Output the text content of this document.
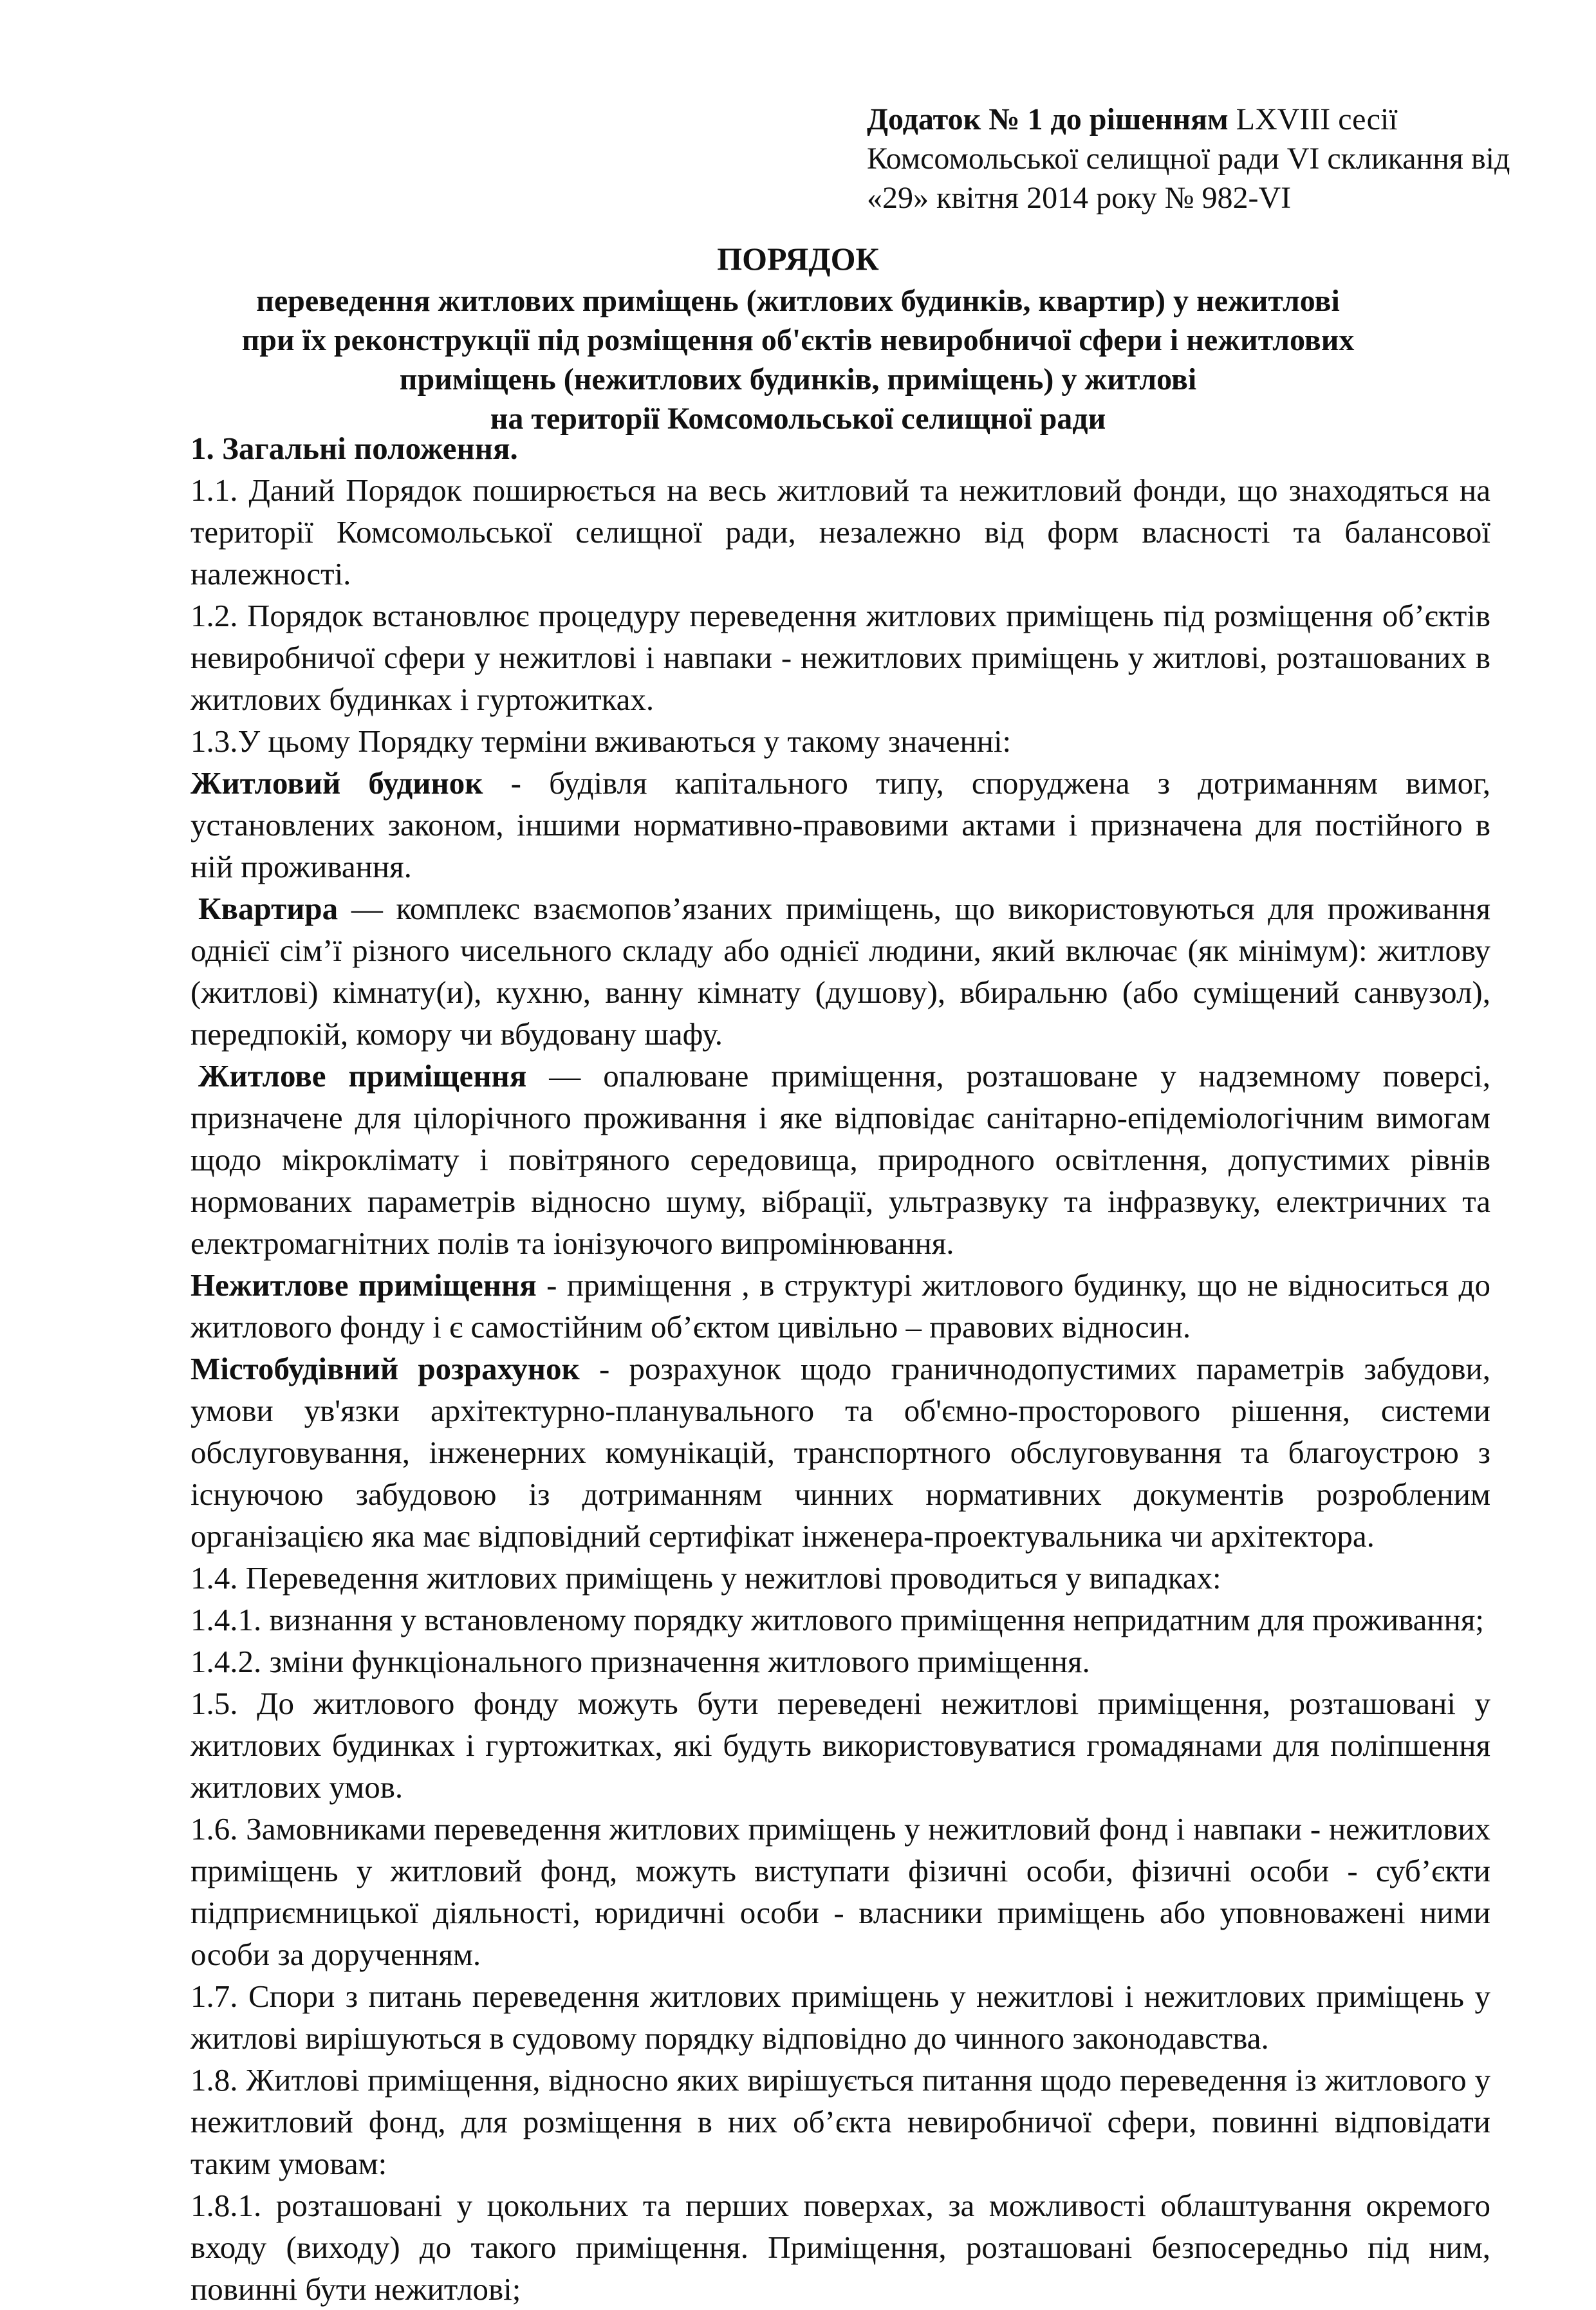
Додаток № 1 до рішенням LXVIII сесії
Комсомольської селищної ради VI скликання від
«29» квітня 2014 року № 982-VI
ПОРЯДОК
переведення житлових приміщень (житлових будинків, квартир) у нежитлові
при їх реконструкції під розміщення об'єктів невиробничої сфери і нежитлових
приміщень (нежитлових будинків, приміщень) у житлові
на території Комсомольської селищної ради

1. Загальні положення.

1.1. Даний Порядок поширюється на весь житловий та нежитловий фонди, що знаходяться на території Комсомольської селищної ради, незалежно від форм власності та балансової належності.

1.2. Порядок встановлює процедуру переведення житлових приміщень під розміщення об’єктів невиробничої сфери у нежитлові і навпаки - нежитлових приміщень у житлові, розташованих в житлових будинках і гуртожитках.

1.3.У цьому Порядку терміни вживаються у такому значенні:

Житловий будинок - будівля капітального типу, споруджена з дотриманням вимог, установлених законом, іншими нормативно-правовими актами і призначена для постійного в ній проживання.

Квартира — комплекс взаємопов’язаних приміщень, що використовуються для проживання однієї сім’ї різного чисельного складу або однієї людини, який включає (як мінімум): житлову (житлові) кімнату(и), кухню, ванну кімнату (душову), вбиральню (або суміщений санвузол), передпокій, комору чи вбудовану шафу.

Житлове приміщення — опалюване приміщення, розташоване у надземному поверсі, призначене для цілорічного проживання і яке відповідає санітарно-епідеміологічним вимогам щодо мікроклімату і повітряного середовища, природного освітлення, допустимих рівнів нормованих параметрів відносно шуму, вібрації, ультразвуку та інфразвуку, електричних та електромагнітних полів та іонізуючого випромінювання.

Нежитлове приміщення - приміщення , в структурі житлового будинку, що не відноситься до житлового фонду і є самостійним об’єктом цивільно – правових відносин.

Містобудівний розрахунок - розрахунок щодо граничнодопустимих параметрів забудови, умови ув'язки архітектурно-планувального та об'ємно-просторового рішення, системи обслуговування, інженерних комунікацій, транспортного обслуговування та благоустрою з існуючою забудовою із дотриманням чинних нормативних документів розробленим організацією яка має відповідний сертифікат інженера-проектувальника чи архітектора.

1.4. Переведення житлових приміщень у нежитлові проводиться у випадках:

1.4.1. визнання у встановленому порядку житлового приміщення непридатним для проживання;

1.4.2. зміни функціонального призначення житлового приміщення.

1.5. До житлового фонду можуть бути переведені нежитлові приміщення, розташовані у житлових будинках і гуртожитках, які будуть використовуватися громадянами для поліпшення житлових умов.

1.6. Замовниками переведення житлових приміщень у нежитловий фонд і навпаки - нежитлових приміщень у житловий фонд, можуть виступати фізичні особи, фізичні особи - суб’єкти підприємницької діяльності, юридичні особи - власники приміщень або уповноважені ними особи за дорученням.

1.7. Спори з питань переведення житлових приміщень у нежитлові і нежитлових приміщень у житлові вирішуються в судовому порядку відповідно до чинного законодавства.

1.8. Житлові приміщення, відносно яких вирішується питання щодо переведення із житлового у нежитловий фонд, для розміщення в них об’єкта невиробничої сфери, повинні відповідати таким умовам:

1.8.1. розташовані у цокольних та перших поверхах, за можливості облаштування окремого входу (виходу) до такого приміщення. Приміщення, розташовані безпосередньо під ним, повинні бути нежитлові;
